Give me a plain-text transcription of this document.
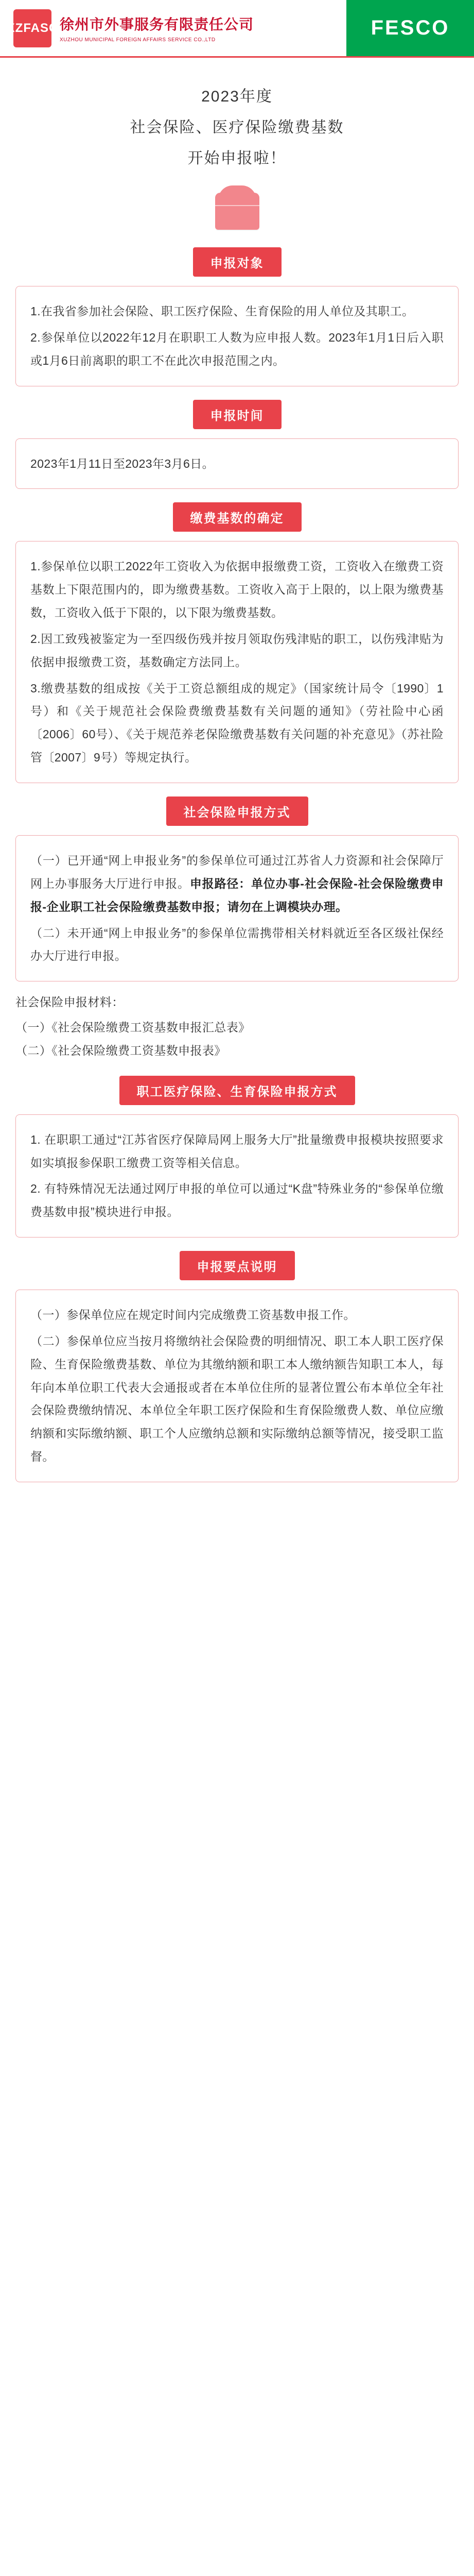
XZFASC 徐州市外事服务有限责任公司
XUZHOU MUNICIPAL FOREIGN AFFAIRS SERVICE CO.,LTD
FESCO
2023年度
社会保险、医疗保险缴费基数
开始申报啦！
申报对象

1.在我省参加社会保险、职工医疗保险、生育保险的用人单位及其职工。

2.参保单位以2022年12月在职职工人数为应申报人数。2023年1月1日后入职或1月6日前离职的职工不在此次申报范围之内。

申报时间

2023年1月11日至2023年3月6日。

缴费基数的确定

1.参保单位以职工2022年工资收入为依据申报缴费工资，工资收入在缴费工资基数上下限范围内的，即为缴费基数。工资收入高于上限的，以上限为缴费基数，工资收入低于下限的，以下限为缴费基数。

2.因工致残被鉴定为一至四级伤残并按月领取伤残津贴的职工，以伤残津贴为依据申报缴费工资，基数确定方法同上。

3.缴费基数的组成按《关于工资总额组成的规定》（国家统计局令〔1990〕1号）和《关于规范社会保险费缴费基数有关问题的通知》（劳社险中心函〔2006〕60号）、《关于规范养老保险缴费基数有关问题的补充意见》（苏社险管〔2007〕9号）等规定执行。

社会保险申报方式

（一）已开通“网上申报业务”的参保单位可通过江苏省人力资源和社会保障厅网上办事服务大厅进行申报。申报路径：单位办事-社会保险-社会保险缴费申报-企业职工社会保险缴费基数申报；请勿在上调模块办理。

（二）未开通“网上申报业务”的参保单位需携带相关材料就近至各区级社保经办大厅进行申报。

社会保险申报材料：

（一）《社会保险缴费工资基数申报汇总表》

（二）《社会保险缴费工资基数申报表》

职工医疗保险、生育保险申报方式

1. 在职职工通过“江苏省医疗保障局网上服务大厅”批量缴费申报模块按照要求如实填报参保职工缴费工资等相关信息。

2. 有特殊情况无法通过网厅申报的单位可以通过“K盘”特殊业务的“参保单位缴费基数申报”模块进行申报。

申报要点说明

（一）参保单位应在规定时间内完成缴费工资基数申报工作。

（二）参保单位应当按月将缴纳社会保险费的明细情况、职工本人职工医疗保险、生育保险缴费基数、单位为其缴纳额和职工本人缴纳额告知职工本人，每年向本单位职工代表大会通报或者在本单位住所的显著位置公布本单位全年社会保险费缴纳情况、本单位全年职工医疗保险和生育保险缴费人数、单位应缴纳额和实际缴纳额、职工个人应缴纳总额和实际缴纳总额等情况，接受职工监督。
